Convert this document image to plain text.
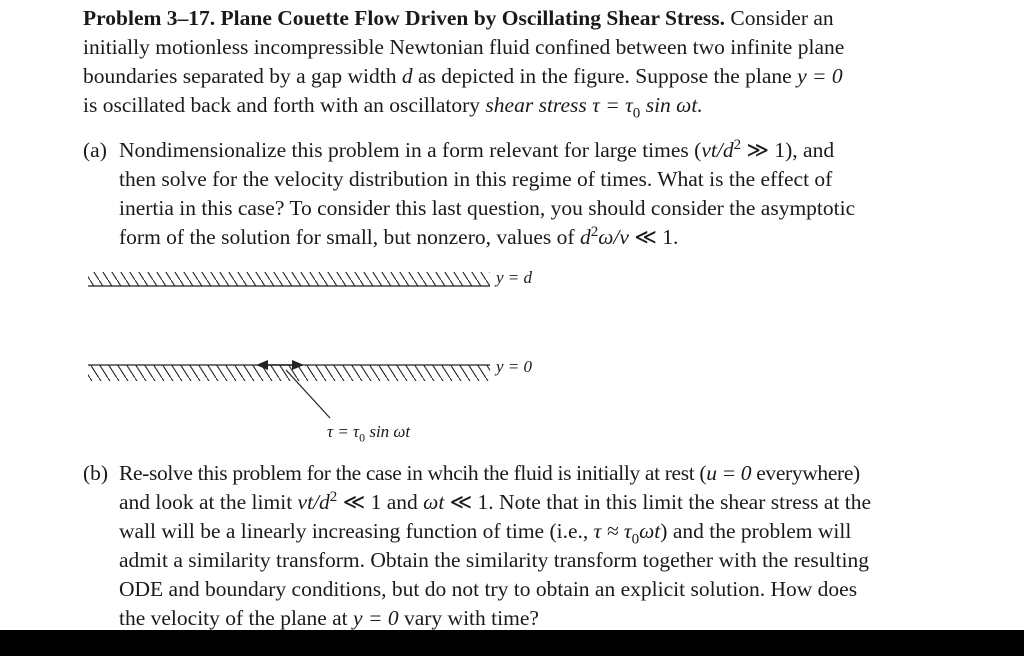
Problem 3–17. Plane Couette Flow Driven by Oscillating Shear Stress. Consider an
initially motionless incompressible Newtonian fluid confined between two infinite plane
boundaries separated by a gap width d as depicted in the figure. Suppose the plane y = 0
is oscillated back and forth with an oscillatory shear stress $\tau = \tau_0$ sin ωt.
(a) Nondimensionalize this problem in a form relevant for large times ($\nu t/d^2$ ≫ 1), and
then solve for the velocity distribution in this regime of times. What is the effect of
inertia in this case? To consider this last question, you should consider the asymptotic
form of the solution for small, but nonzero, values of $d^2\omega/\nu$ ≪ 1.
y = d
y = 0
$\tau = \tau_0$ sin ωt
(b) Re-solve this problem for the case in whcih the fluid is initially at rest (u = 0 everywhere)
and look at the limit $\nu t/d^2$ ≪ 1 and ωt ≪ 1. Note that in this limit the shear stress at the
wall will be a linearly increasing function of time (i.e., $\tau \approx \tau_0\omega t$) and the problem will
admit a similarity transform. Obtain the similarity transform together with the resulting
ODE and boundary conditions, but do not try to obtain an explicit solution. How does
the velocity of the plane at y = 0 vary with time?
